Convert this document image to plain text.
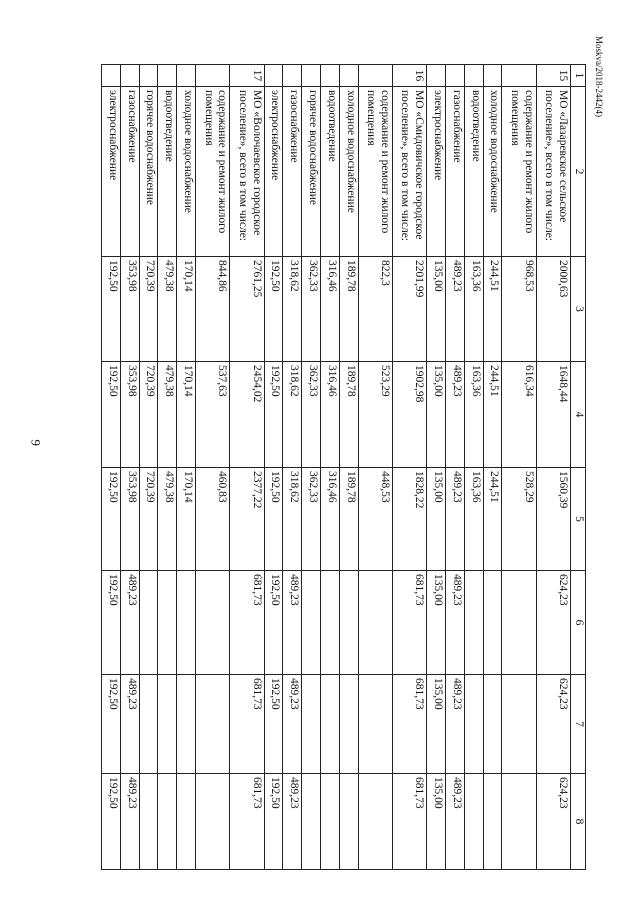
6
Moskva/2018-2442(4)
1	2	3	4	5	6	7	8
15	МО «Лазаревское сельское поселение», всего в том числе:	2000,63	1648,44	1560,39	624,23	624,23	624,23
	содержание и ремонт жилого помещения	968,53	616,34	528,29			
	холодное водоснабжение	244,51	244,51	244,51			
	водоотведение	163,36	163,36	163,36			
	газоснабжение	489,23	489,23	489,23	489,23	489,23	489,23
	электроснабжение	135,00	135,00	135,00	135,00	135,00	135,00
16	МО «Смидовичское городское поселение», всего в том числе:	2201,99	1902,98	1828,22	681,73	681,73	681,73
	содержание и ремонт жилого помещения	822,3	523,29	448,53			
	холодное водоснабжение	189,78	189,78	189,78			
	водоотведение	316,46	316,46	316,46			
	горячее водоснабжение	362,33	362,33	362,33			
	газоснабжение	318,62	318,62	318,62	489,23	489,23	489,23
	электроснабжение	192,50	192,50	192,50	192,50	192,50	192,50
17	МО «Волочаевское городское поселение», всего в том числе:	2761,25	2454,02	2377,22	681,73	681,73	681,73
	содержание и ремонт жилого помещения	844,86	537,63	460,83			
	холодное водоснабжение	170,14	170,14	170,14			
	водоотведение	479,38	479,38	479,38			
	горячее водоснабжение	720,39	720,39	720,39			
	газоснабжение	353,98	353,98	353,98	489,23	489,23	489,23
	электроснабжение	192,50	192,50	192,50	192,50	192,50	192,50
